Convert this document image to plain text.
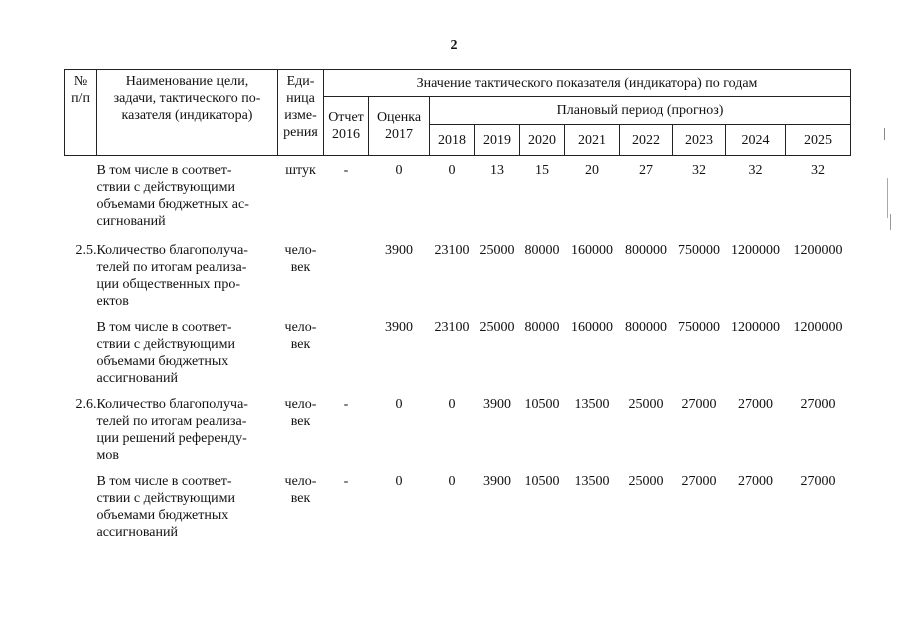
2
№
п/п	Наименование цели,
задачи, тактического по-
казателя (индикатора)	Еди-
ница
изме-
рения	Значение тактического показателя (индикатора) по годам									
			Отчет
2016	Оценка
2017	Плановый период (прогноз)							
					2018	2019	2020	2021	2022	2023	2024	2025
	В том числе в соответ-
ствии с действующими
объемами бюджетных ас-
сигнований	штук	-	0	0	13	15	20	27	32	32	32
2.5.	Количество благополуча-
телей по итогам реализа-
ции общественных про-
ектов	чело-
век		3900	23100	25000	80000	160000	800000	750000	1200000	1200000
	В том числе в соответ-
ствии с действующими
объемами бюджетных
ассигнований	чело-
век		3900	23100	25000	80000	160000	800000	750000	1200000	1200000
2.6.	Количество благополуча-
телей по итогам реализа-
ции решений референду-
мов	чело-
век	-	0	0	3900	10500	13500	25000	27000	27000	27000
	В том числе в соответ-
ствии с действующими
объемами бюджетных
ассигнований	чело-
век	-	0	0	3900	10500	13500	25000	27000	27000	27000
